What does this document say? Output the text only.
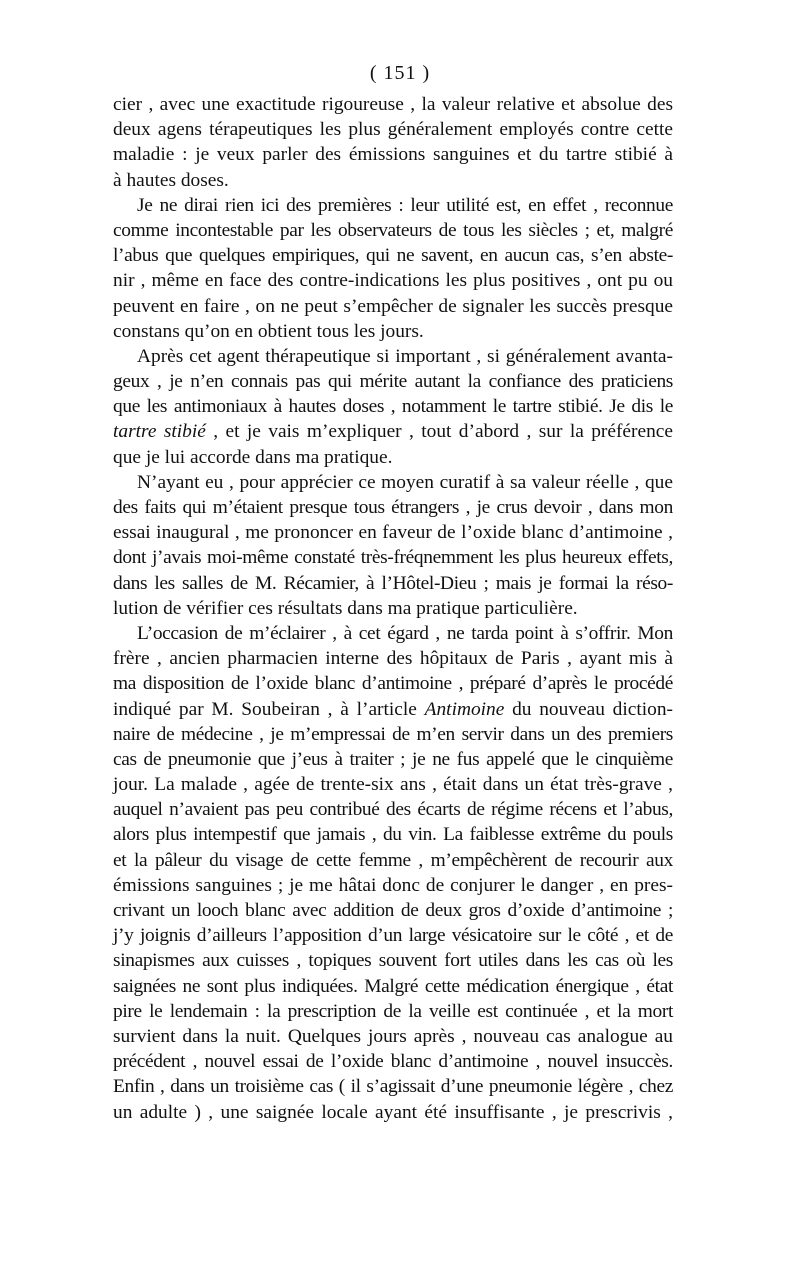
( 151 )
cier , avec une exactitude rigoureuse , la valeur relative et absolue des
deux agens térapeutiques les plus généralement employés contre cette
maladie : je veux parler des émissions sanguines et du tartre stibié à
à hautes doses.
Je ne dirai rien ici des premières : leur utilité est, en effet , reconnue
comme incontestable par les observateurs de tous les siècles ; et, malgré
l’abus que quelques empiriques, qui ne savent, en aucun cas, s’en abste-
nir , même en face des contre-indications les plus positives , ont pu ou
peuvent en faire , on ne peut s’empêcher de signaler les succès presque
constans qu’on en obtient tous les jours.
Après cet agent thérapeutique si important , si généralement avanta-
geux , je n’en connais pas qui mérite autant la confiance des praticiens
que les antimoniaux à hautes doses , notamment le tartre stibié. Je dis le
tartre stibié , et je vais m’expliquer , tout d’abord , sur la préférence
que je lui accorde dans ma pratique.
N’ayant eu , pour apprécier ce moyen curatif à sa valeur réelle , que
des faits qui m’étaient presque tous étrangers , je crus devoir , dans mon
essai inaugural , me prononcer en faveur de l’oxide blanc d’antimoine ,
dont j’avais moi-même constaté très-fréqnemment les plus heureux effets,
dans les salles de M. Récamier, à l’Hôtel-Dieu ; mais je formai la réso-
lution de vérifier ces résultats dans ma pratique particulière.
L’occasion de m’éclairer , à cet égard , ne tarda point à s’offrir. Mon
frère , ancien pharmacien interne des hôpitaux de Paris , ayant mis à
ma disposition de l’oxide blanc d’antimoine , préparé d’après le procédé
indiqué par M. Soubeiran , à l’article Antimoine du nouveau diction-
naire de médecine , je m’empressai de m’en servir dans un des premiers
cas de pneumonie que j’eus à traiter ; je ne fus appelé que le cinquième
jour. La malade , agée de trente-six ans , était dans un état très-grave ,
auquel n’avaient pas peu contribué des écarts de régime récens et l’abus,
alors plus intempestif que jamais , du vin. La faiblesse extrême du pouls
et la pâleur du visage de cette femme , m’empêchèrent de recourir aux
émissions sanguines ; je me hâtai donc de conjurer le danger , en pres-
crivant un looch blanc avec addition de deux gros d’oxide d’antimoine ;
j’y joignis d’ailleurs l’apposition d’un large vésicatoire sur le côté , et de
sinapismes aux cuisses , topiques souvent fort utiles dans les cas où les
saignées ne sont plus indiquées. Malgré cette médication énergique , état
pire le lendemain : la prescription de la veille est continuée , et la mort
survient dans la nuit. Quelques jours après , nouveau cas analogue au
précédent , nouvel essai de l’oxide blanc d’antimoine , nouvel insuccès.
Enfin , dans un troisième cas ( il s’agissait d’une pneumonie légère , chez
un adulte ) , une saignée locale ayant été insuffisante , je prescrivis ,
